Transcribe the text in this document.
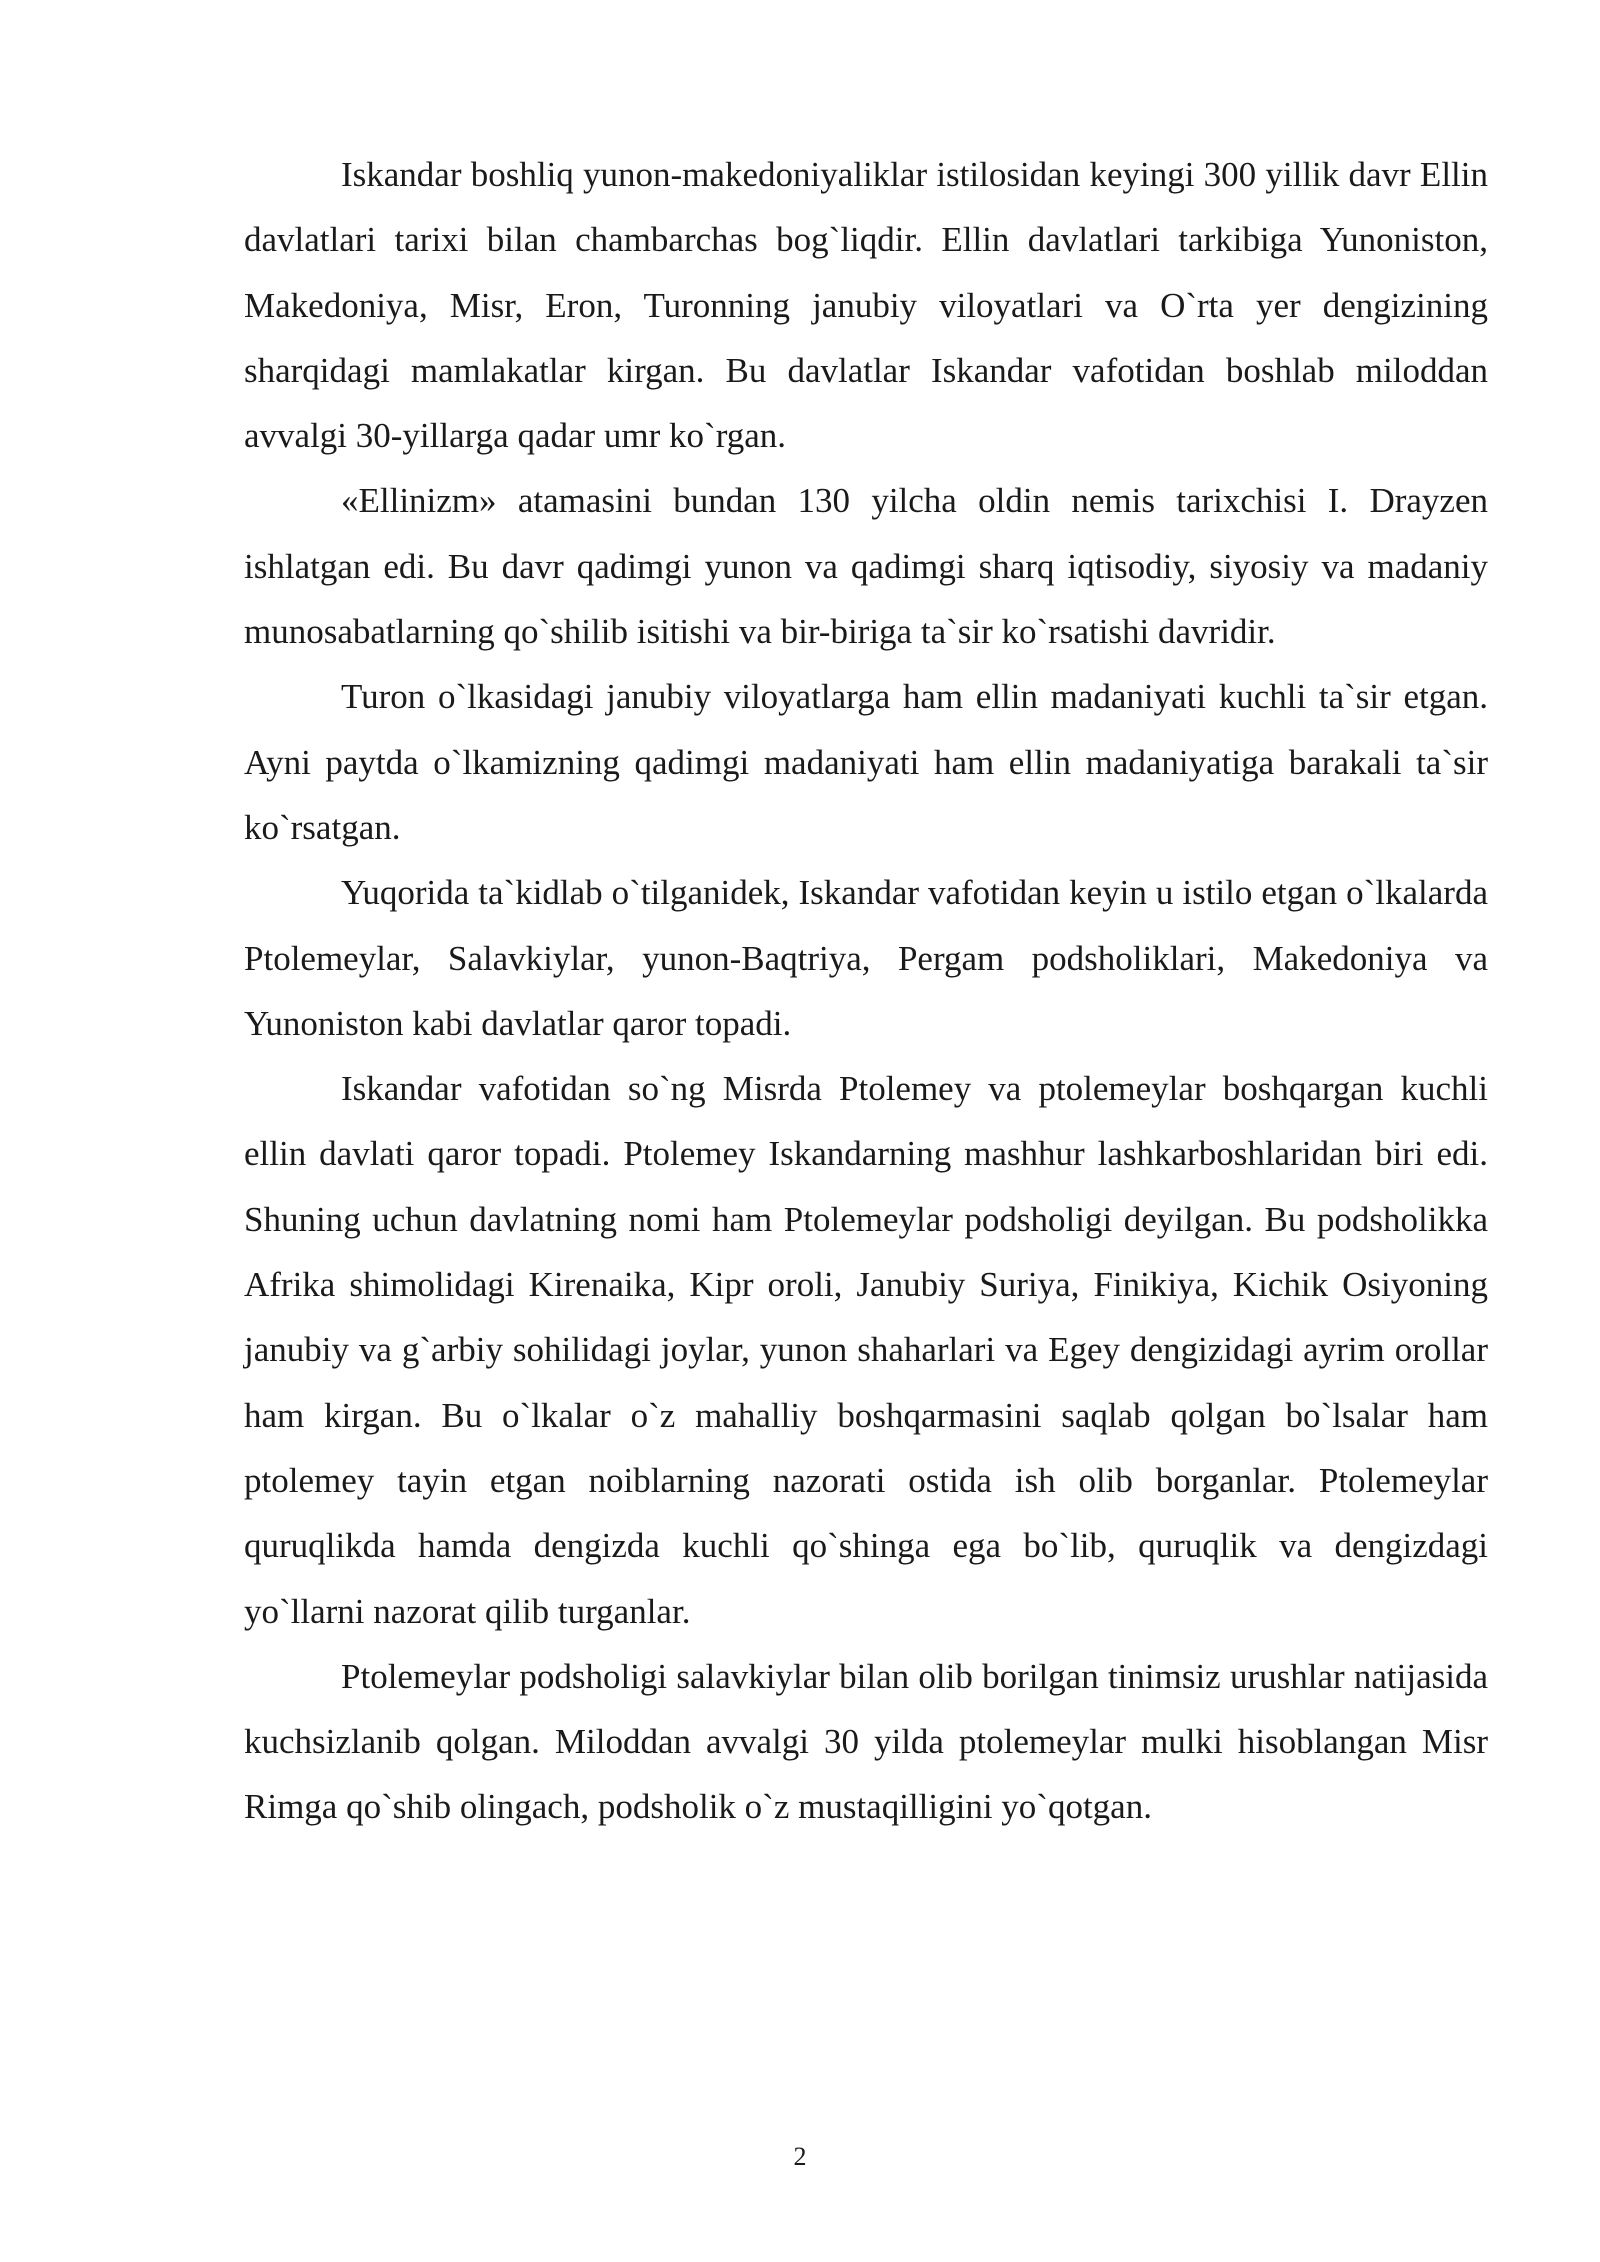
Iskandar boshliq yunon-makedoniyaliklar istilosidan keyingi 300 yillik davr Ellin davlatlari tarixi bilan chambarchas bog`liqdir. Ellin davlatlari tarkibiga Yunoniston, Makedoniya, Misr, Eron, Turonning janubiy viloyatlari va O`rta yer dengizining sharqidagi mamlakatlar kirgan. Bu davlatlar Iskandar vafotidan boshlab miloddan avvalgi 30-yillarga qadar umr ko`rgan.

«Ellinizm» atamasini bundan 130 yilcha oldin nemis tarixchisi I. Drayzen ishlatgan edi. Bu davr qadimgi yunon va qadimgi sharq iqtisodiy, siyosiy va madaniy munosabatlarning qo`shilib isitishi va bir-biriga ta`sir ko`rsatishi davridir.

Turon o`lkasidagi janubiy viloyatlarga ham ellin madaniyati kuchli ta`sir etgan. Ayni paytda o`lkamizning qadimgi madaniyati ham ellin madaniyatiga barakali ta`sir ko`rsatgan.

Yuqorida ta`kidlab o`tilganidek, Iskandar vafotidan keyin u istilo etgan o`lkalarda Ptolemeylar, Salavkiylar, yunon-Baqtriya, Pergam podsholiklari, Makedoniya va Yunoniston kabi davlatlar qaror topadi.

Iskandar vafotidan so`ng Misrda Ptolemey va ptolemeylar boshqargan kuchli ellin davlati qaror topadi. Ptolemey Iskandarning mashhur lashkarboshlaridan biri edi. Shuning uchun davlatning nomi ham Ptolemeylar podsholigi deyilgan. Bu podsholikka Afrika shimolidagi Kirenaika, Kipr oroli, Janubiy Suriya, Finikiya, Kichik Osiyoning janubiy va g`arbiy sohilidagi joylar, yunon shaharlari va Egey dengizidagi ayrim orollar ham kirgan. Bu o`lkalar o`z mahalliy boshqarmasini saqlab qolgan bo`lsalar ham ptolemey tayin etgan noiblarning nazorati ostida ish olib borganlar. Ptolemeylar quruqlikda hamda dengizda kuchli qo`shinga ega bo`lib, quruqlik va dengizdagi yo`llarni nazorat qilib turganlar.

Ptolemeylar podsholigi salavkiylar bilan olib borilgan tinimsiz urushlar natijasida kuchsizlanib qolgan. Miloddan avvalgi 30 yilda ptolemeylar mulki hisoblangan Misr Rimga qo`shib olingach, podsholik o`z mustaqilligini yo`qotgan.

2
